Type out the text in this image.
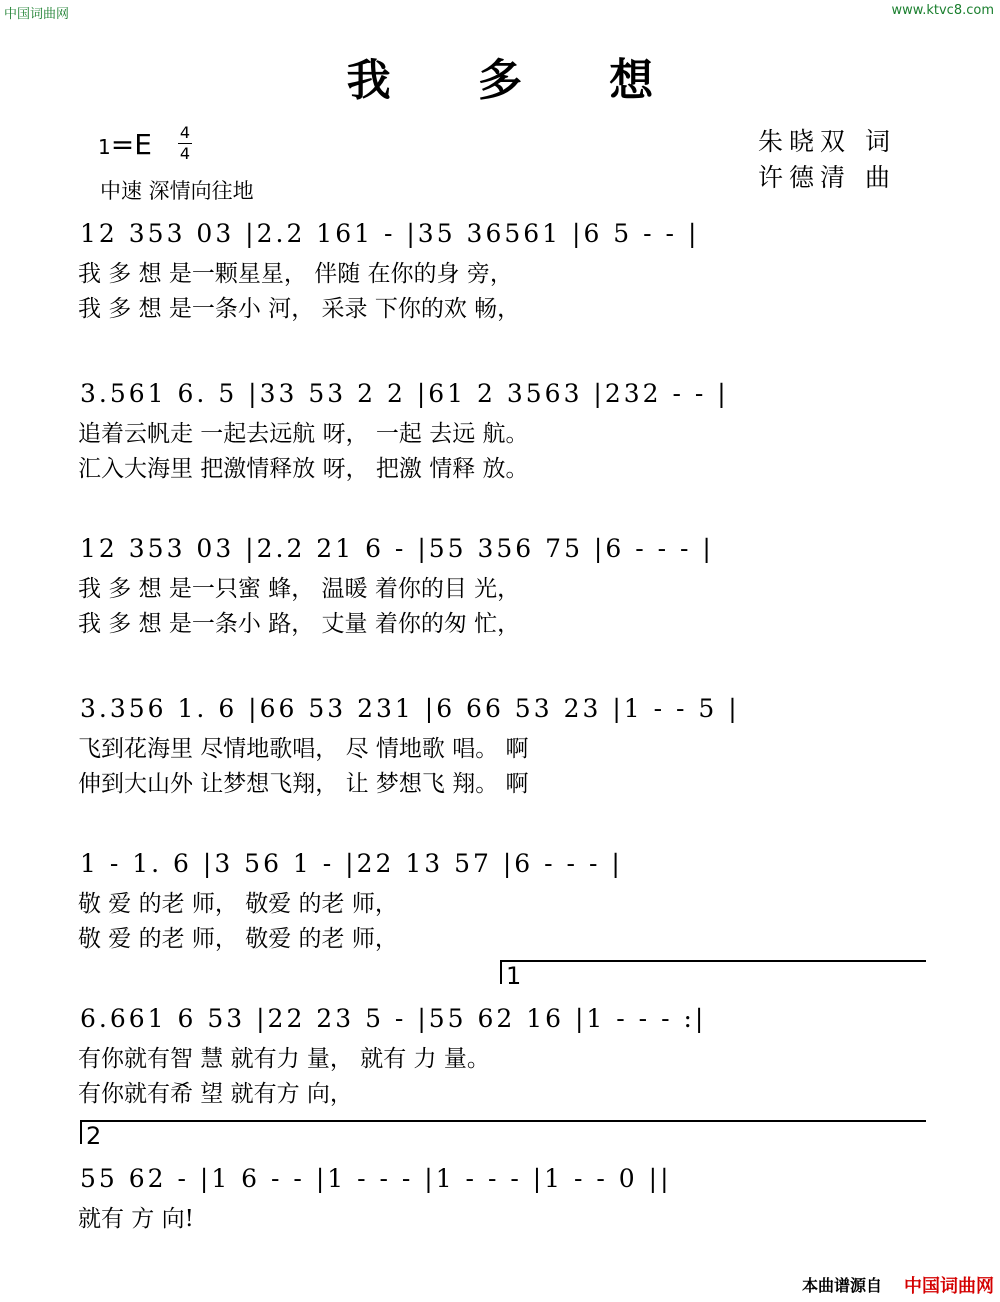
中国词曲网	www.ktvc8.com
我 多 想
1=E 4
4	朱晓双 词
许德清 曲
中速 深情向往地
12 353 03 |2.2 161 - |35 36561 |6 5 - - |
我 多 想 是一颗星星， 伴随 在你的身 旁，
我 多 想 是一条小 河， 采录 下你的欢 畅，
3.561 6. 5 |33 53 2 2 |61 2 3563 |232 - - |
追着云帆走 一起去远航 呀， 一起 去远 航。
汇入大海里 把激情释放 呀， 把激 情释 放。
12 353 03 |2.2 21 6 - |55 356 75 |6 - - - |
我 多 想 是一只蜜 蜂， 温暖 着你的目 光，
我 多 想 是一条小 路， 丈量 着你的匆 忙，
3.356 1. 6 |66 53 231 |6 66 53 23 |1 - - 5 |
飞到花海里 尽情地歌唱， 尽 情地歌 唱。 啊
伸到大山外 让梦想飞翔， 让 梦想飞 翔。 啊
1 - 1. 6 |3 56 1 - |22 13 57 |6 - - - |
敬 爱 的老 师， 敬爱 的老 师，
敬 爱 的老 师， 敬爱 的老 师，
1
6.661 6 53 |22 23 5 - |55 62 16 |1 - - - :|
有你就有智 慧 就有力 量， 就有 力 量。
有你就有希 望 就有方 向，
2
55 62 - |1 6 - - |1 - - - |1 - - - |1 - - 0 ||
就有 方 向!
本曲谱源自 中国词曲网
